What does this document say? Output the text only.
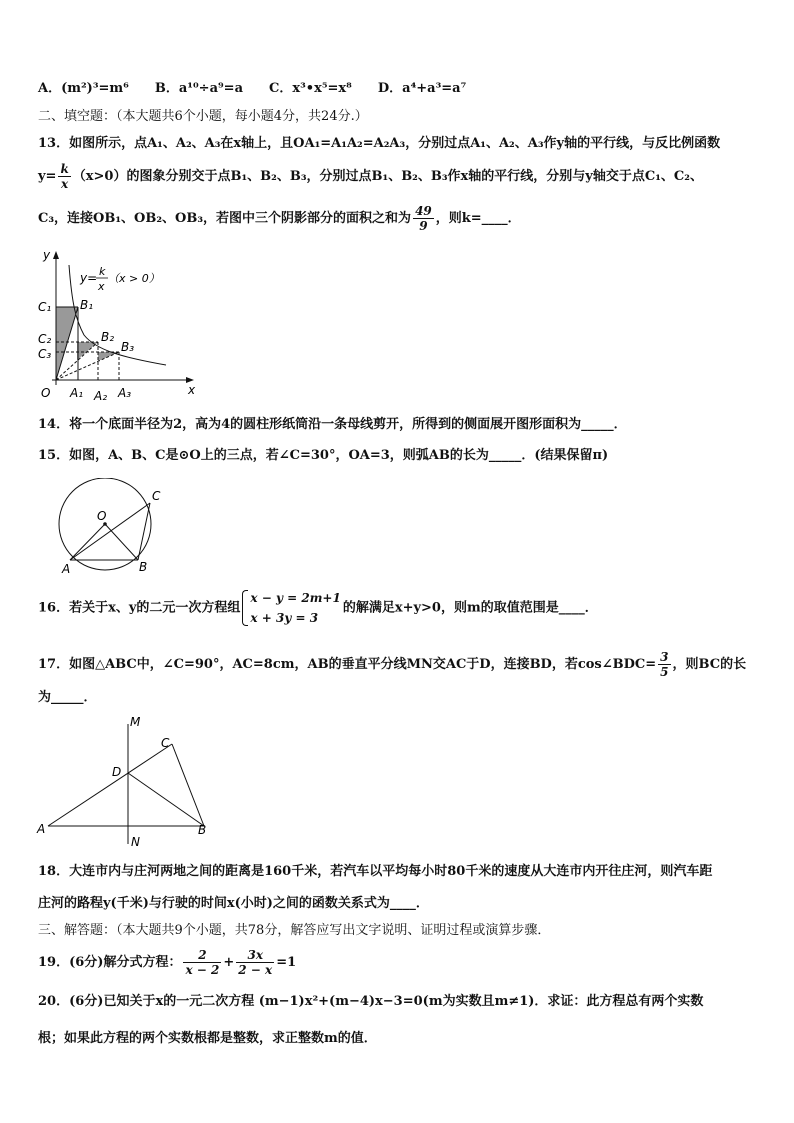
A．(m²)³=m⁶　　B．a¹⁰÷a⁹=a　　C．x³•x⁵=x⁸　　D．a⁴+a³=a⁷
二、填空题：（本大题共6个小题，每小题4分，共24分.）
13．如图所示，点A₁、A₂、A₃在x轴上，且OA₁=A₁A₂=A₂A₃，分别过点A₁、A₂、A₃作y轴的平行线，与反比例函数
$y= \frac{k}{x} (x>0)$的图象分别交于点B₁、B₂、B₃，分别过点B₁、B₂、B₃作x轴的平行线，分别与y轴交于点C₁、C₂、
C₃，连接OB₁、OB₂、OB₃，若图中三个阴影部分的面积之和为 $\frac{49}{9}$ ，则k=____．
y
x
O
y= k
x
（x > 0）
C₁
C₂
C₃
B₁
B₂
B₃
A₁ A₂ A₃
14．将一个底面半径为2，高为4的圆柱形纸筒沿一条母线剪开，所得到的侧面展开图形面积为_____．
15．如图，A、B、C是⊙O上的三点，若∠C=30°，OA=3，则弧AB的长为_____．(结果保留π)
O
A	B
C
16．若关于x、y的二元一次方程组
x − y = 2m+1
x + 3y = 3
的解满足x+y>0，则m的取值范围是____．
17．如图△ABC中，∠C=90°，AC=8cm，AB的垂直平分线MN交AC于D，连接BD，若cos∠BDC= $\frac{3}{5}$ ，则BC的长
为_____．
M
N
A	B
C
D
18．大连市内与庄河两地之间的距离是160千米，若汽车以平均每小时80千米的速度从大连市内开往庄河，则汽车距
庄河的路程y(千米)与行驶的时间x(小时)之间的函数关系式为____．
三、解答题：（本大题共9个小题，共78分，解答应写出文字说明、证明过程或演算步骤．
19．(6分)解分式方程： $\frac{2}{x - 2} + \frac{3x}{2 - x} =1$
20．(6分)已知关于x的一元二次方程 (m−1)x²+(m−4)x−3=0(m为实数且m≠1)．求证：此方程总有两个实数
根；如果此方程的两个实数根都是整数，求正整数m的值．
